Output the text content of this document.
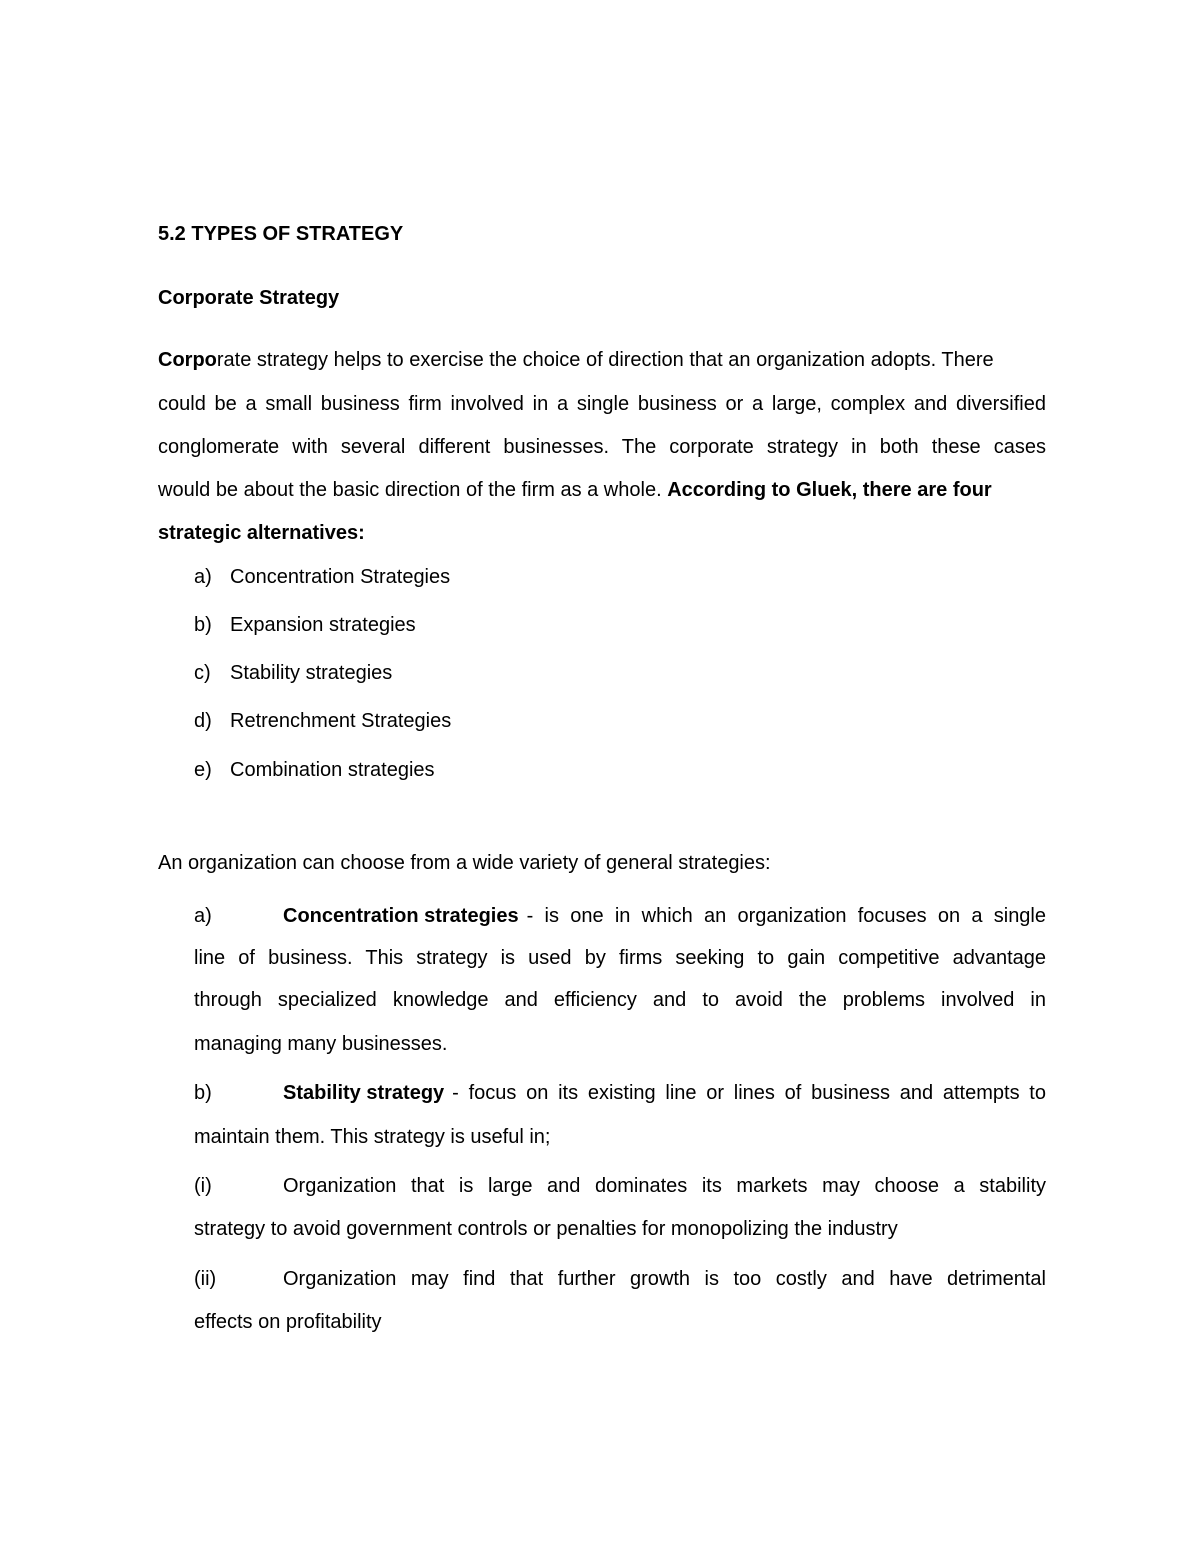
5.2 TYPES OF STRATEGY
Corporate Strategy
Corporate strategy helps to exercise the choice of direction that an organization adopts. There
could be a small business firm involved in a single business or a large, complex and diversified
conglomerate with several different businesses. The corporate strategy in both these cases
would be about the basic direction of the firm as a whole. According to Gluek, there are four
strategic alternatives:
a) Concentration Strategies
b) Expansion strategies
c) Stability strategies
d) Retrenchment Strategies
e) Combination strategies
An organization can choose from a wide variety of general strategies:
a)	Concentration strategies - is one in which an organization focuses on a single
line of business. This strategy is used by firms seeking to gain competitive advantage
through specialized knowledge and efficiency and to avoid the problems involved in
managing many businesses.
b)	Stability strategy - focus on its existing line or lines of business and attempts to
maintain them. This strategy is useful in;
(i)	Organization that is large and dominates its markets may choose a stability
strategy to avoid government controls or penalties for monopolizing the industry
(ii)	Organization may find that further growth is too costly and have detrimental
effects on profitability
